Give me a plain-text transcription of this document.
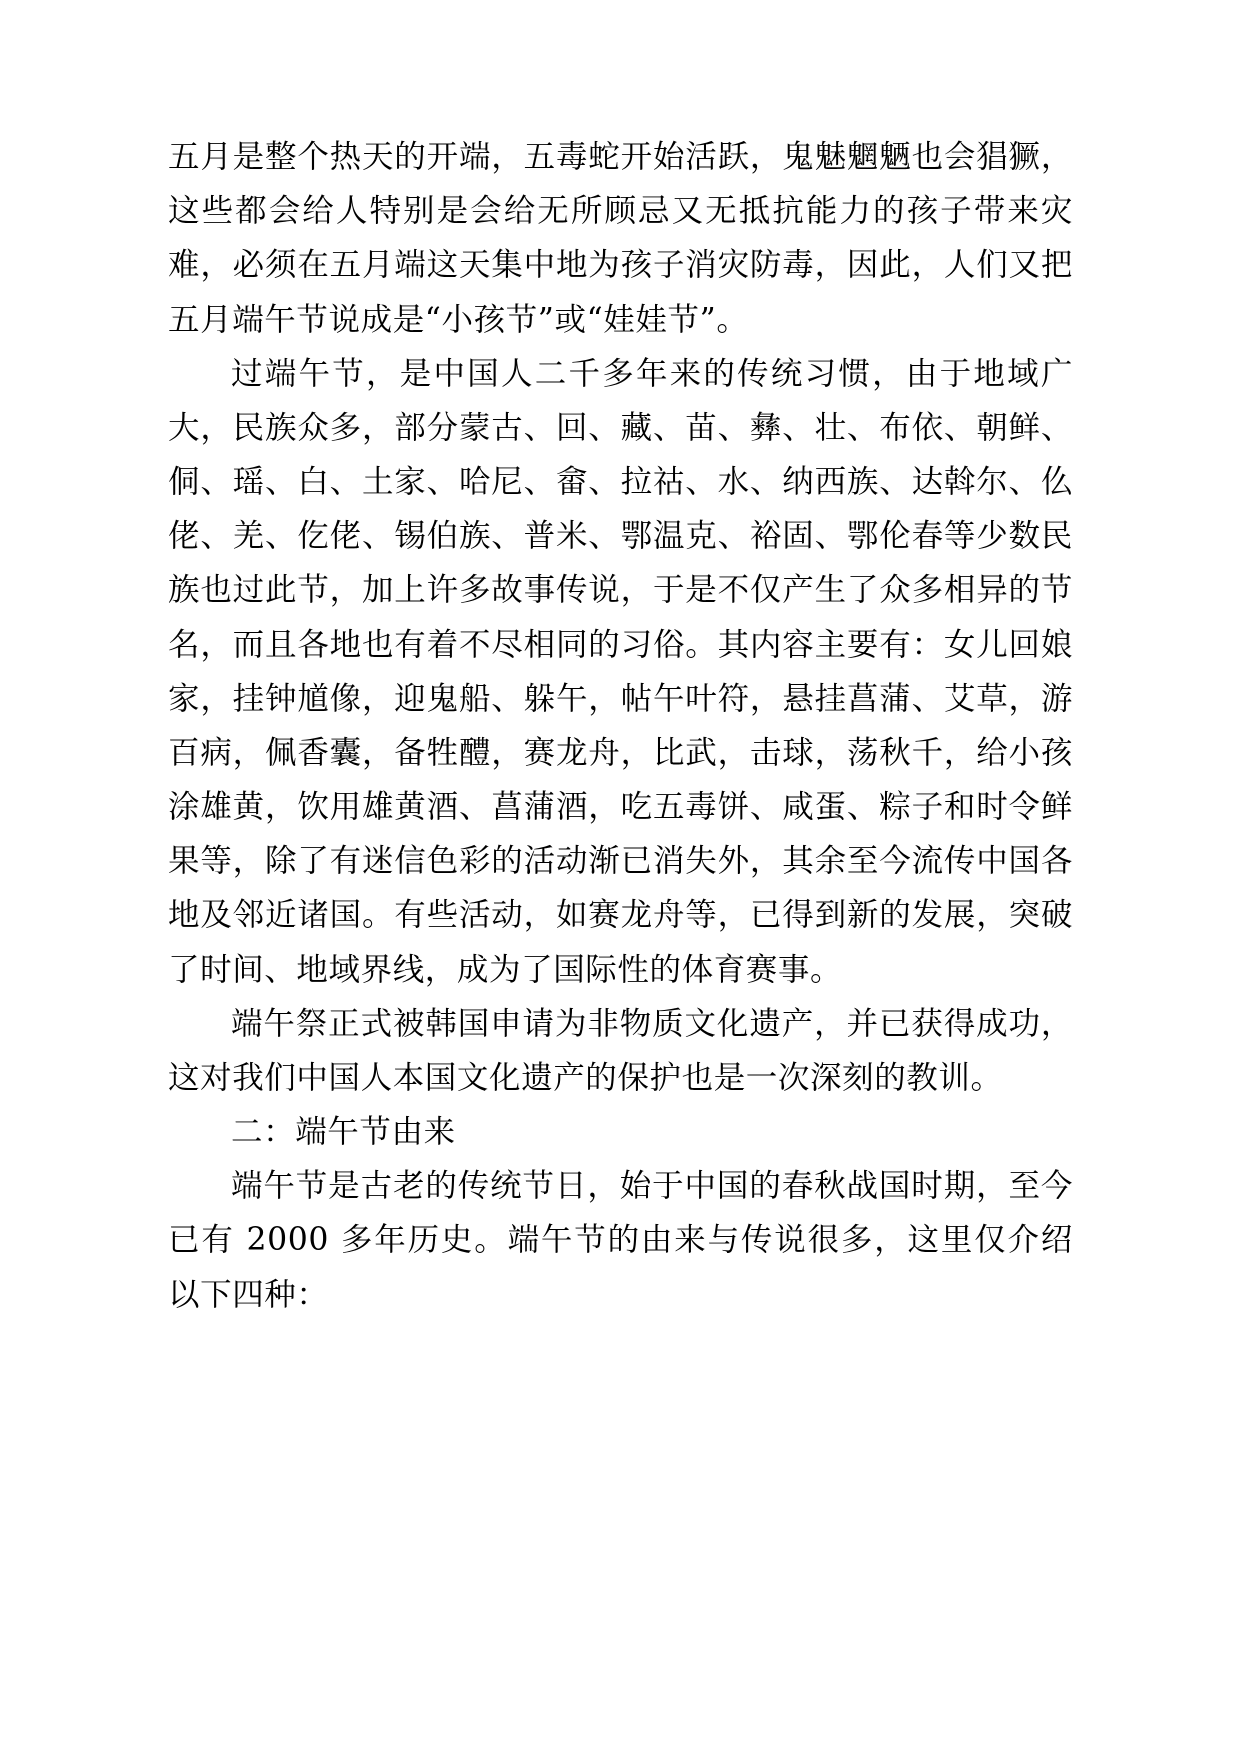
五月是整个热天的开端，五毒蛇开始活跃，鬼魅魍魉也会猖獗，这些都会给人特别是会给无所顾忌又无抵抗能力的孩子带来灾难，必须在五月端这天集中地为孩子消灾防毒，因此，人们又把五月端午节说成是“小孩节”或“娃娃节”。

过端午节，是中国人二千多年来的传统习惯，由于地域广大，民族众多，部分蒙古、回、藏、苗、彝、壮、布依、朝鲜、侗、瑶、白、土家、哈尼、畲、拉祜、水、纳西族、达斡尔、仫佬、羌、仡佬、锡伯族、普米、鄂温克、裕固、鄂伦春等少数民族也过此节，加上许多故事传说，于是不仅产生了众多相异的节名，而且各地也有着不尽相同的习俗。其内容主要有：女儿回娘家，挂钟馗像，迎鬼船、躲午，帖午叶符，悬挂菖蒲、艾草，游百病，佩香囊，备牲醴，赛龙舟，比武，击球，荡秋千，给小孩涂雄黄，饮用雄黄酒、菖蒲酒，吃五毒饼、咸蛋、粽子和时令鲜果等，除了有迷信色彩的活动渐已消失外，其余至今流传中国各地及邻近诸国。有些活动，如赛龙舟等，已得到新的发展，突破了时间、地域界线，成为了国际性的体育赛事。

端午祭正式被韩国申请为非物质文化遗产，并已获得成功，这对我们中国人本国文化遗产的保护也是一次深刻的教训。

二：端午节由来

端午节是古老的传统节日，始于中国的春秋战国时期，至今已有 2000 多年历史。端午节的由来与传说很多，这里仅介绍以下四种：
